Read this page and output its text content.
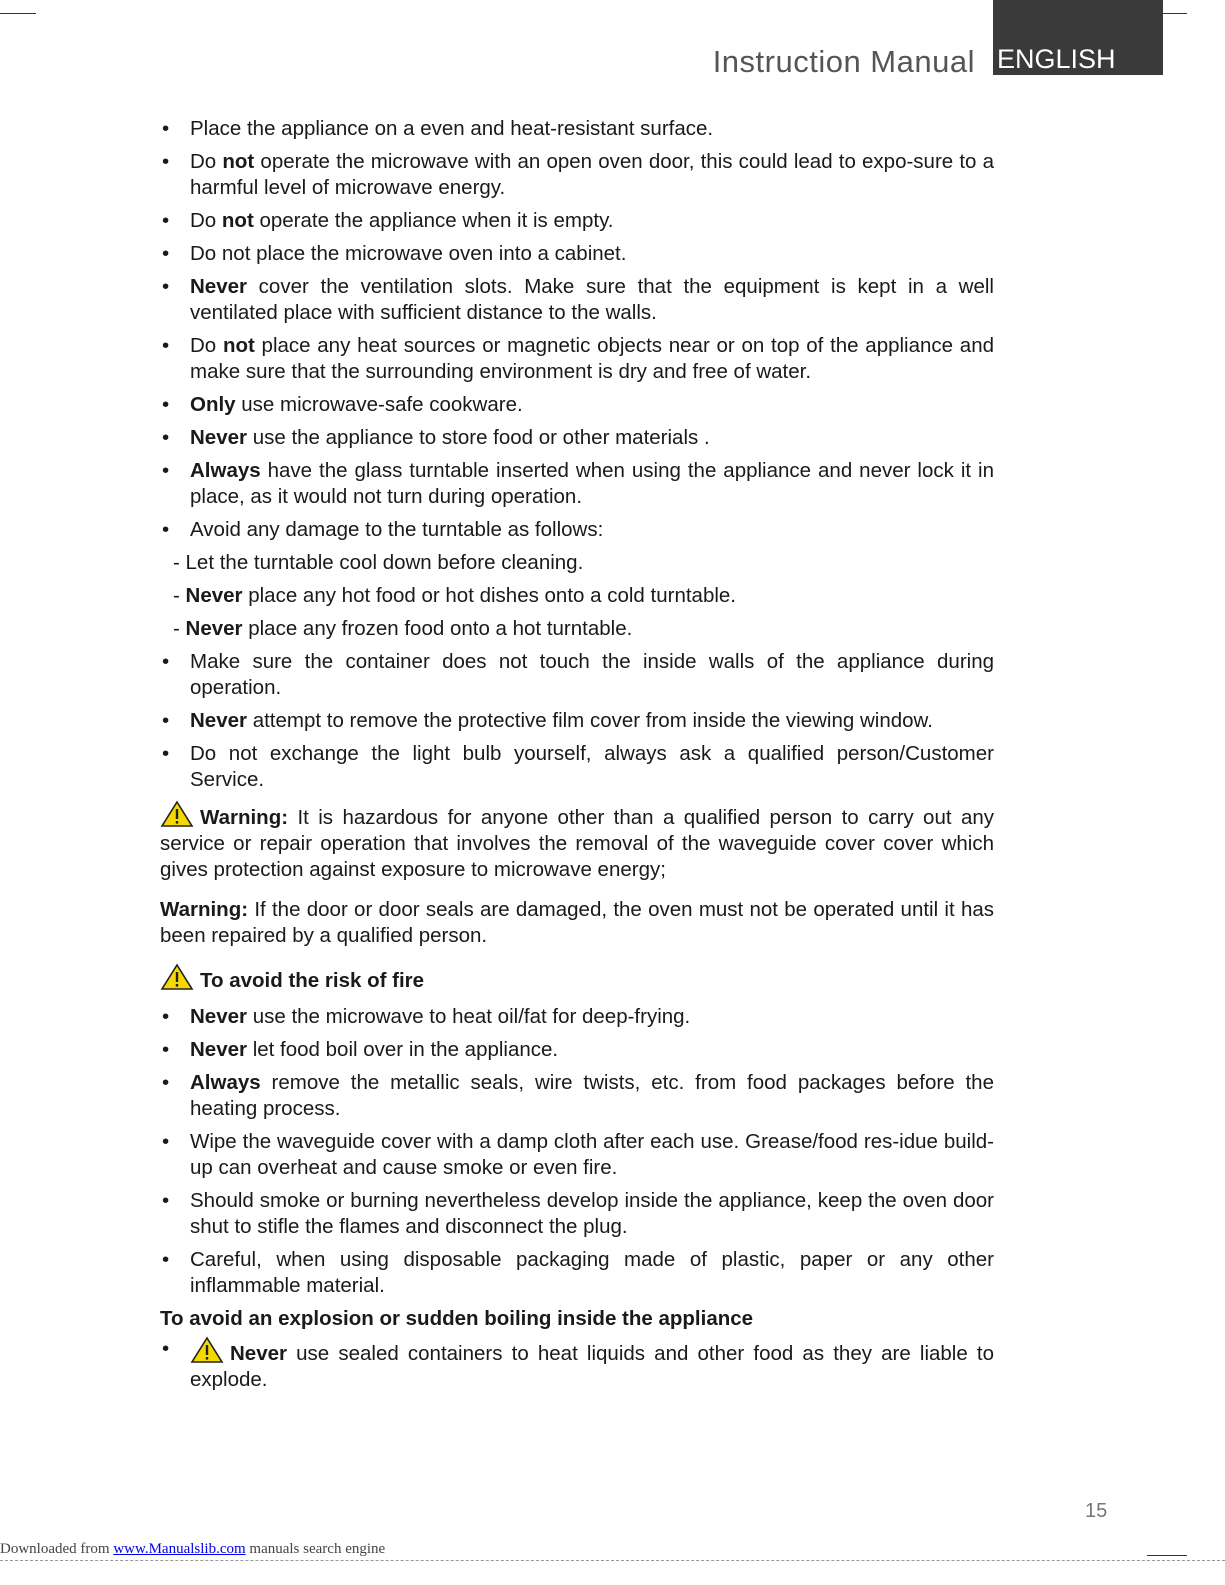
Instruction Manual ENGLISH
• Place the appliance on a even and heat-resistant surface.
• Do not operate the microwave with an open oven door, this could lead to expo-sure to a harmful level of microwave energy.
• Do not operate the appliance when it is empty.
• Do not place the microwave oven into a cabinet.
• Never cover the ventilation slots. Make sure that the equipment is kept in a well ventilated place with sufficient distance to the walls.
• Do not place any heat sources or magnetic objects near or on top of the appliance and make sure that the surrounding environment is dry and free of water.
• Only use microwave-safe cookware.
• Never use the appliance to store food or other materials .
• Always have the glass turntable inserted when using the appliance and never lock it in place, as it would not turn during operation.
• Avoid any damage to the turntable as follows:
- Let the turntable cool down before cleaning.
- Never place any hot food or hot dishes onto a cold turntable.
- Never place any frozen food onto a hot turntable.
• Make sure the container does not touch the inside walls of the appliance during operation.
• Never attempt to remove the protective film cover from inside the viewing window.
• Do not exchange the light bulb yourself, always ask a qualified person/Customer Service.
Warning: It is hazardous for anyone other than a qualified person to carry out any service or repair operation that involves the removal of the waveguide cover cover which gives protection against exposure to microwave energy;
Warning: If the door or door seals are damaged, the oven must not be operated until it has been repaired by a qualified person.
To avoid the risk of fire
• Never use the microwave to heat oil/fat for deep-frying.
• Never let food boil over in the appliance.
• Always remove the metallic seals, wire twists, etc. from food packages before the heating process.
• Wipe the waveguide cover with a damp cloth after each use. Grease/food res-idue build-up can overheat and cause smoke or even fire.
• Should smoke or burning nevertheless develop inside the appliance, keep the oven door shut to stifle the flames and disconnect the plug.
• Careful, when using disposable packaging made of plastic, paper or any other inflammable material.
To avoid an explosion or sudden boiling inside the appliance
•	Never use sealed containers to heat liquids and other food as they are liable to explode.
15
Downloaded from www.Manualslib.com manuals search engine
